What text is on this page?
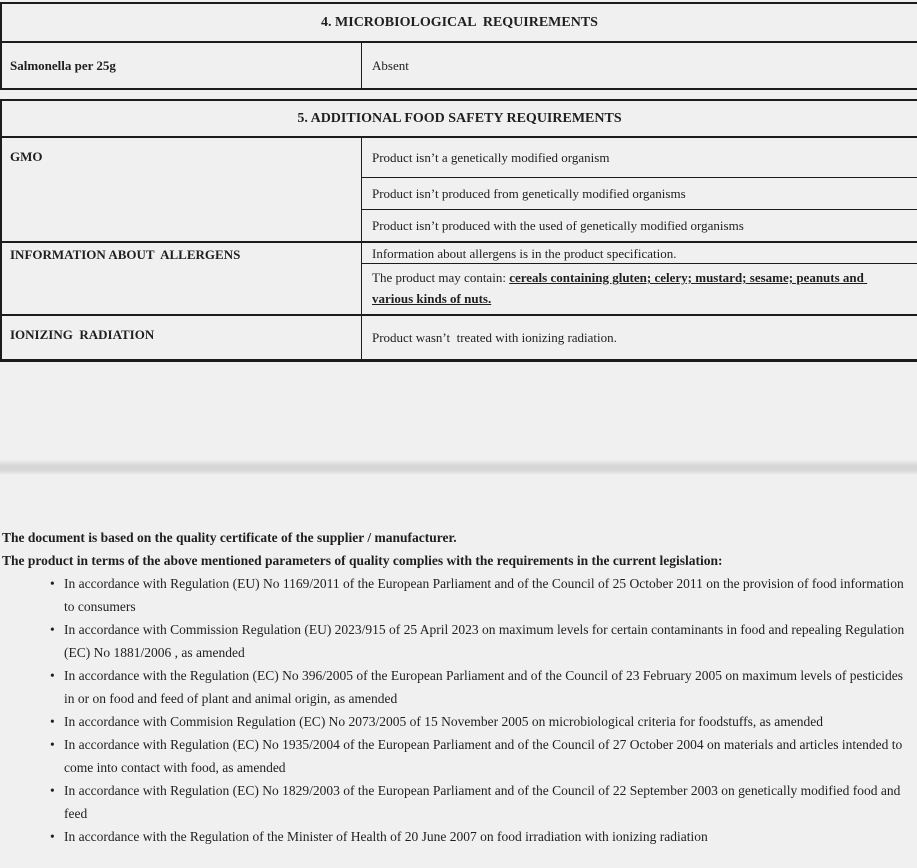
4. MICROBIOLOGICAL  REQUIREMENTS
Salmonella per 25g	Absent
5. ADDITIONAL FOOD SAFETY REQUIREMENTS
GMO	Product isn’t a genetically modified organism
Product isn’t produced from genetically modified organisms
Product isn’t produced with the used of genetically modified organisms
INFORMATION ABOUT  ALLERGENS	Information about allergens is in the product specification.
The product may contain: cereals containing gluten; celery; mustard; sesame; peanuts and various kinds of nuts.
IONIZING  RADIATION	Product wasn’t  treated with ionizing radiation.

The document is based on the quality certificate of the supplier / manufacturer.

The product in terms of the above mentioned parameters of quality complies with the requirements in the current legislation:

• In accordance with Regulation (EU) No 1169/2011 of the European Parliament and of the Council of 25 October 2011 on the provision of food information to consumers
• In accordance with Commission Regulation (EU) 2023/915 of 25 April 2023 on maximum levels for certain contaminants in food and repealing Regulation (EC) No 1881/2006 , as amended
• In accordance with the Regulation (EC) No 396/2005 of the European Parliament and of the Council of 23 February 2005 on maximum levels of pesticides in or on food and feed of plant and animal origin, as amended
• In accordance with Commision Regulation (EC) No 2073/2005 of 15 November 2005 on microbiological criteria for foodstuffs, as amended
• In accordance with Regulation (EC) No 1935/2004 of the European Parliament and of the Council of 27 October 2004 on materials and articles intended to come into contact with food, as amended
• In accordance with Regulation (EC) No 1829/2003 of the European Parliament and of the Council of 22 September 2003 on genetically modified food and feed
• In accordance with the Regulation of the Minister of Health of 20 June 2007 on food irradiation with ionizing radiation
